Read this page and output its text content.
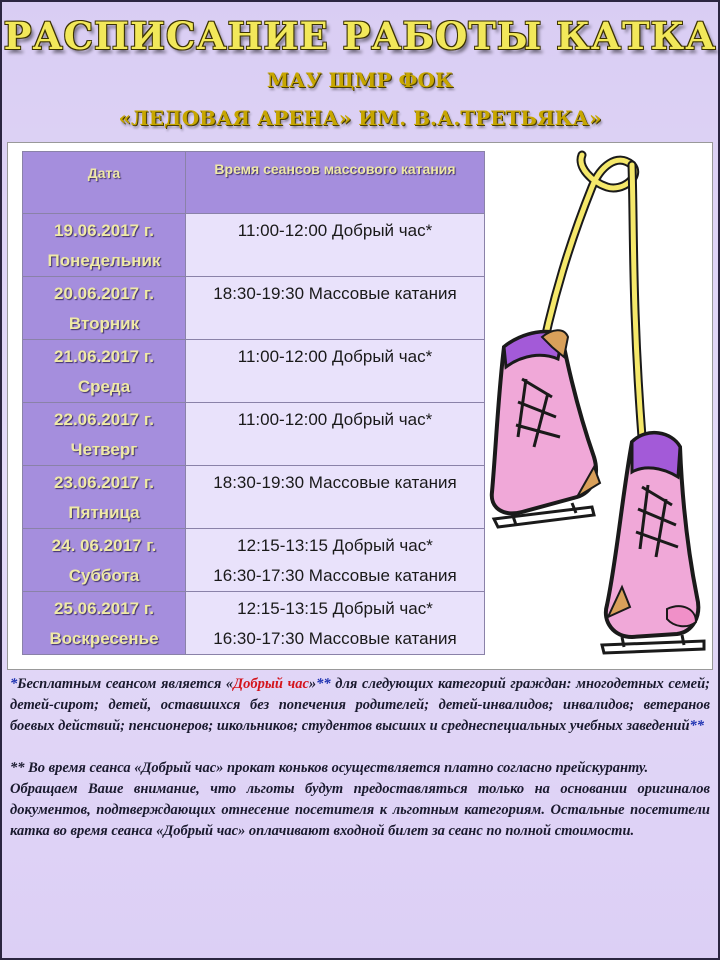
РАСПИСАНИЕ РАБОТЫ КАТКА
МАУ ЩМР ФОК
«ЛЕДОВАЯ АРЕНА» ИМ. В.А.ТРЕТЬЯКА»
Дата	Время сеансов массового катания

19.06.2017 г.
Понедельник	11:00-12:00 Добрый час*

20.06.2017 г.
Вторник	18:30-19:30 Массовые катания

21.06.2017 г.
Среда	11:00-12:00 Добрый час*

22.06.2017 г.
Четверг	11:00-12:00 Добрый час*

23.06.2017 г.
Пятница	18:30-19:30 Массовые катания

24. 06.2017 г.
Суббота	12:15-13:15 Добрый час*
16:30-17:30 Массовые катания

25.06.2017 г.
Воскресенье	12:15-13:15 Добрый час*
16:30-17:30 Массовые катания

*Бесплатным сеансом является «Добрый час»** для следующих категорий граждан: многодетных семей; детей-сирот; детей, оставшихся без попечения родителей; детей-инвалидов; инвалидов; ветеранов боевых действий; пенсионеров; школьников; студентов высших и среднеспециальных учебных заведений**

** Во время сеанса «Добрый час» прокат коньков осуществляется платно согласно прейскуранту.

Обращаем Ваше внимание, что льготы будут предоставляться только на основании оригиналов документов, подтверждающих отнесение посетителя к льготным категориям. Остальные посетители катка во время сеанса «Добрый час» оплачивают входной билет за сеанс по полной стоимости.
